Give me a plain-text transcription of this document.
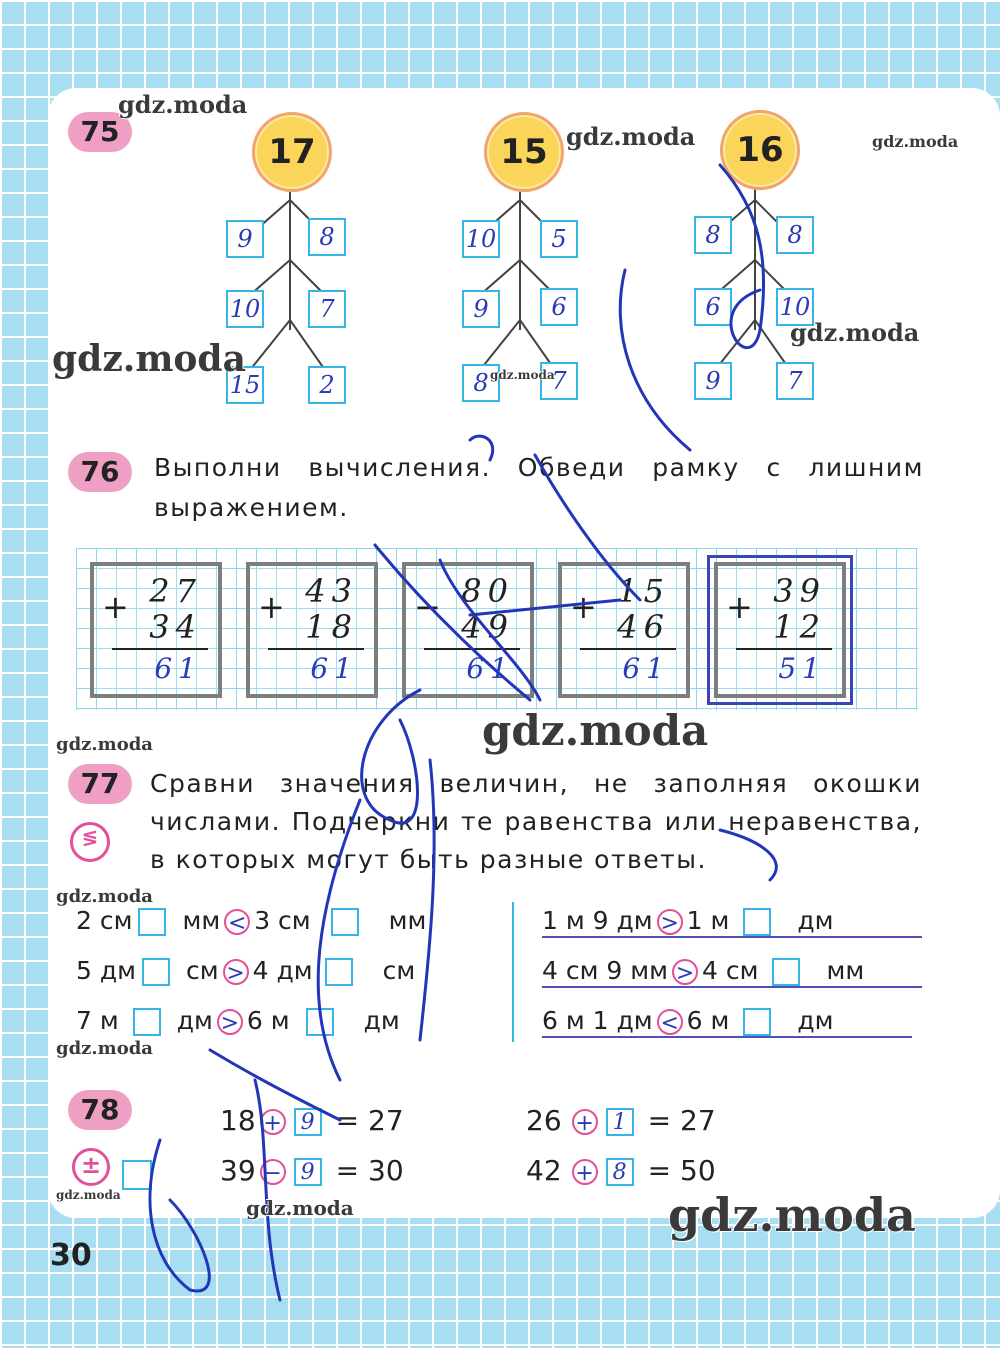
75
17	15	16
9	8
10	7
15	2
10	5
9	6
8	7
8	8
6	10
9	7
76	Выполни вычисления. Обведи рамку с лишним
выражением.
+ 27
34
61
+ 43
18
61
− 80
49
61
+ 15
46
61
+ 39
12
51
77
≶
Сравни значения величин, не заполняя окошки
числами. Подчеркни те равенства или неравенства,
в которых могут быть разные ответы.
2 см мм < 3 см	мм
5 дм см > 4 дм	см
7 м дм > 6 м	дм
1 м 9 дм > 1 м	дм
4 см 9 мм > 4 см	мм
6 м 1 дм < 6 м	дм
78
±
18 + 9 = 27
39 − 9 = 30
26 + 1 = 27
42 + 8 = 50
30
gdz.moda
gdz.moda	gdz.moda
gdz.moda
gdz.moda	gdz.moda
gdz.moda
gdz.moda
gdz.moda
gdz.moda
gdz.moda
gdz.moda	gdz.moda
